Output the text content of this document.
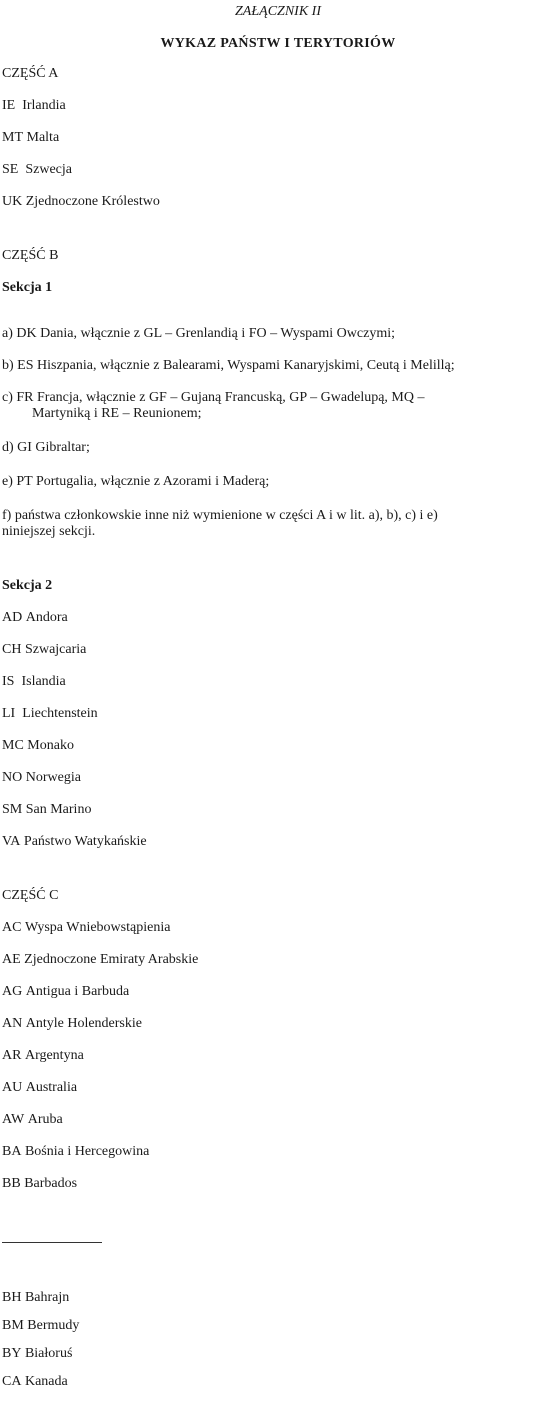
ZAŁĄCZNIK II
WYKAZ PAŃSTW I TERYTORIÓW
CZĘŚĆ A
IE Irlandia
MT Malta
SE Szwecja
UK Zjednoczone Królestwo
CZĘŚĆ B
Sekcja 1
a) DK Dania, włącznie z GL – Grenlandią i FO – Wyspami Owczymi;
b) ES Hiszpania, włącznie z Balearami, Wyspami Kanaryjskimi, Ceutą i Melillą;
c) FR Francja, włącznie z GF – Gujaną Francuską, GP – Gwadelupą, MQ –
Martyniką i RE – Reunionem;
d) GI Gibraltar;
e) PT Portugalia, włącznie z Azorami i Maderą;
f) państwa członkowskie inne niż wymienione w części A i w lit. a), b), c) i e)
niniejszej sekcji.
Sekcja 2
AD Andora
CH Szwajcaria
IS Islandia
LI Liechtenstein
MC Monako
NO Norwegia
SM San Marino
VA Państwo Watykańskie
CZĘŚĆ C
AC Wyspa Wniebowstąpienia
AE Zjednoczone Emiraty Arabskie
AG Antigua i Barbuda
AN Antyle Holenderskie
AR Argentyna
AU Australia
AW Aruba
BA Bośnia i Hercegowina
BB Barbados
BH Bahrajn
BM Bermudy
BY Białoruś
CA Kanada
